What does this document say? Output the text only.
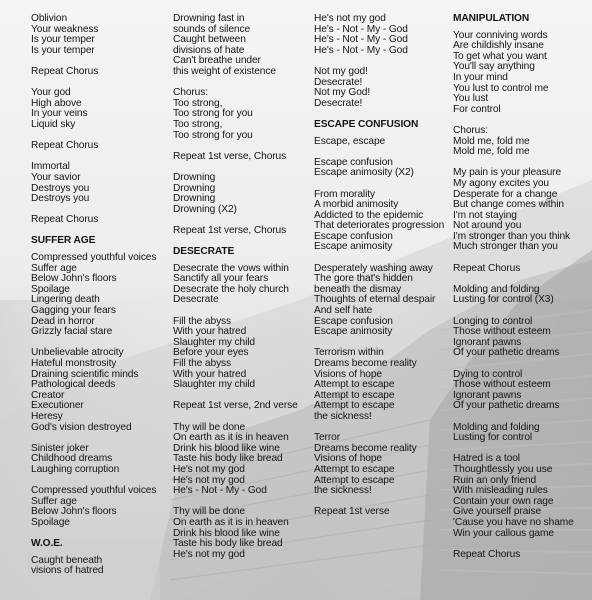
Oblivion
Your weakness
Is your temper
Is your temper
Repeat Chorus
Your god
High above
In your veins
Liquid sky
Repeat Chorus
Immortal
Your savior
Destroys you
Destroys you
Repeat Chorus
SUFFER AGE
Compressed youthful voices
Suffer age
Below John's floors
Spoilage
Lingering death
Gagging your fears
Dead in horror
Grizzly facial stare
Unbelievable atrocity
Hateful monstrosity
Draining scientific minds
Pathological deeds
Creator
Executioner
Heresy
God's vision destroyed
Sinister joker
Childhood dreams
Laughing corruption
Compressed youthful voices
Suffer age
Below John's floors
Spoilage
W.O.E.
Caught beneath
visions of hatred
Drowning fast in
sounds of silence
Caught between
divisions of hate
Can't breathe under
this weight of existence
Chorus:
Too strong,
Too strong for you
Too strong,
Too strong for you
Repeat 1st verse, Chorus
Drowning
Drowning
Drowning
Drowning (X2)
Repeat 1st verse, Chorus
DESECRATE
Desecrate the vows within
Sanctify all your fears
Desecrate the holy church
Desecrate
Fill the abyss
With your hatred
Slaughter my child
Before your eyes
Fill the abyss
With your hatred
Slaughter my child
Repeat 1st verse, 2nd verse
Thy will be done
On earth as it is in heaven
Drink his blood like wine
Taste his body like bread
He's not my god
He's not my god
He's - Not - My - God
Thy will be done
On earth as it is in heaven
Drink his blood like wine
Taste his body like bread
He's not my god
He's not my god
He's - Not - My - God
He's - Not - My - God
He's - Not - My - God
Not my god!
Desecrate!
Not my God!
Desecrate!
ESCAPE CONFUSION
Escape, escape
Escape confusion
Escape animosity (X2)
From morality
A morbid animosity
Addicted to the epidemic
That deteriorates progression
Escape confusion
Escape animosity
Desperately washing away
The gore that's hidden
beneath the dismay
Thoughts of eternal despair
And self hate
Escape confusion
Escape animosity
Terrorism within
Dreams become reality
Visions of hope
Attempt to escape
Attempt to escape
Attempt to escape
the sickness!
Terror
Dreams become reality
Visions of hope
Attempt to escape
Attempt to escape
the sickness!
Repeat 1st verse
MANIPULATION
Your conniving words
Are childishly insane
To get what you want
You'll say anything
In your mind
You lust to control me
You lust
For control
Chorus:
Mold me, fold me
Mold me, fold me
My pain is your pleasure
My agony excites you
Desperate for a change
But change comes within
I'm not staying
Not around you
I'm stronger than you think
Much stronger than you
Repeat Chorus
Molding and folding
Lusting for control (X3)
Longing to control
Those without esteem
Ignorant pawns
Of your pathetic dreams
Dying to control
Those without esteem
Ignorant pawns
Of your pathetic dreams
Molding and folding
Lusting for control
Hatred is a tool
Thoughtlessly you use
Ruin an only friend
With misleading rules
Contain your own rage
Give yourself praise
'Cause you have no shame
Win your callous game
Repeat Chorus
